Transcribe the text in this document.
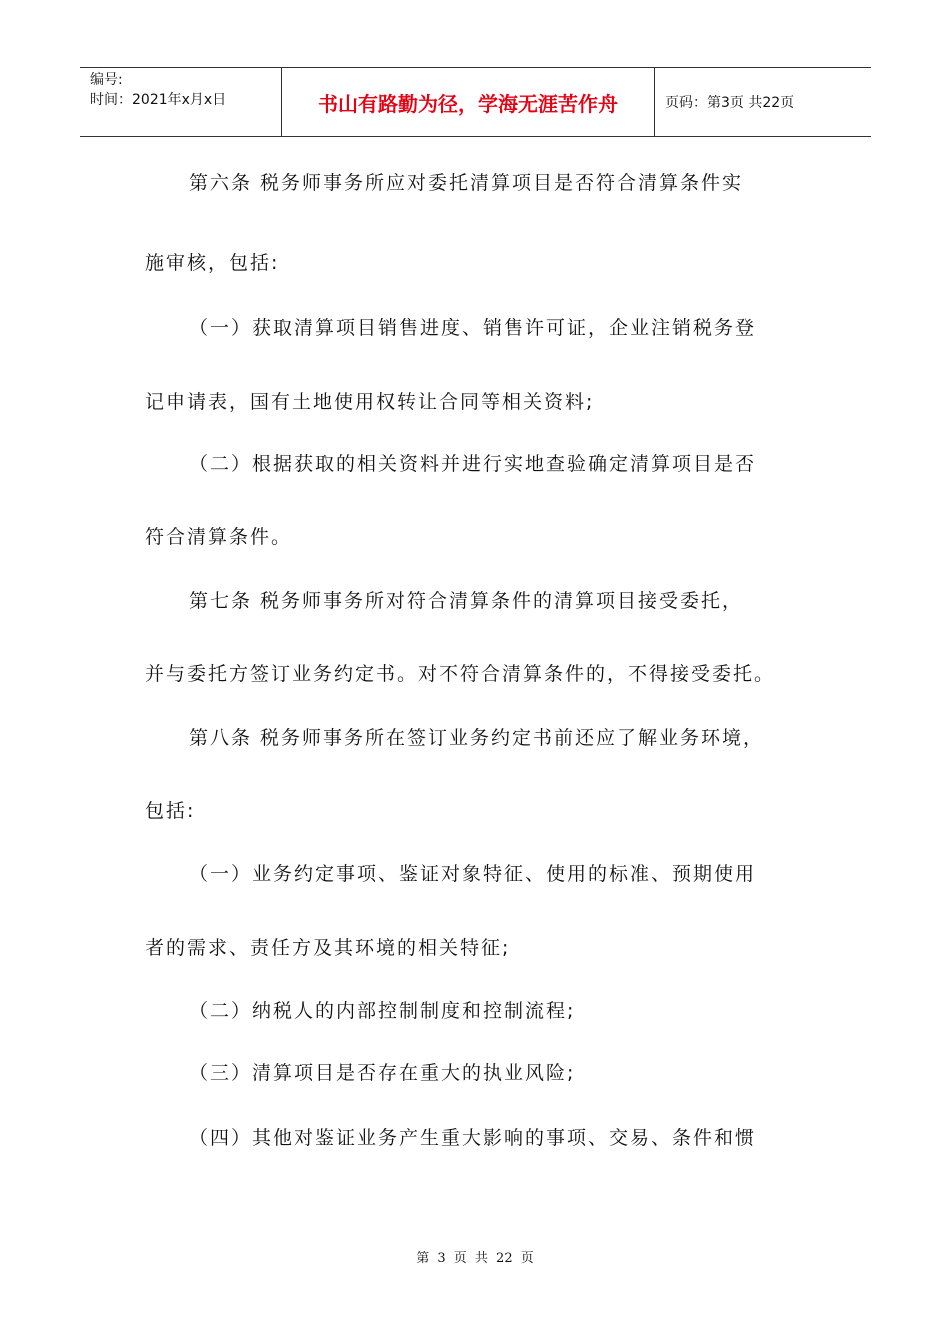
编号:
时间：2021年x月x日	书山有路勤为径，学海无涯苦作舟	页码：第3页 共22页
第六条 税务师事务所应对委托清算项目是否符合清算条件实
施审核，包括:
（一）获取清算项目销售进度、销售许可证，企业注销税务登
记申请表，国有土地使用权转让合同等相关资料;
（二）根据获取的相关资料并进行实地查验确定清算项目是否
符合清算条件。
第七条 税务师事务所对符合清算条件的清算项目接受委托，
并与委托方签订业务约定书。对不符合清算条件的，不得接受委托。
第八条 税务师事务所在签订业务约定书前还应了解业务环境，
包括:
（一）业务约定事项、鉴证对象特征、使用的标准、预期使用
者的需求、责任方及其环境的相关特征;
（二）纳税人的内部控制制度和控制流程;
（三）清算项目是否存在重大的执业风险;
（四）其他对鉴证业务产生重大影响的事项、交易、条件和惯
第 3 页 共 22 页
